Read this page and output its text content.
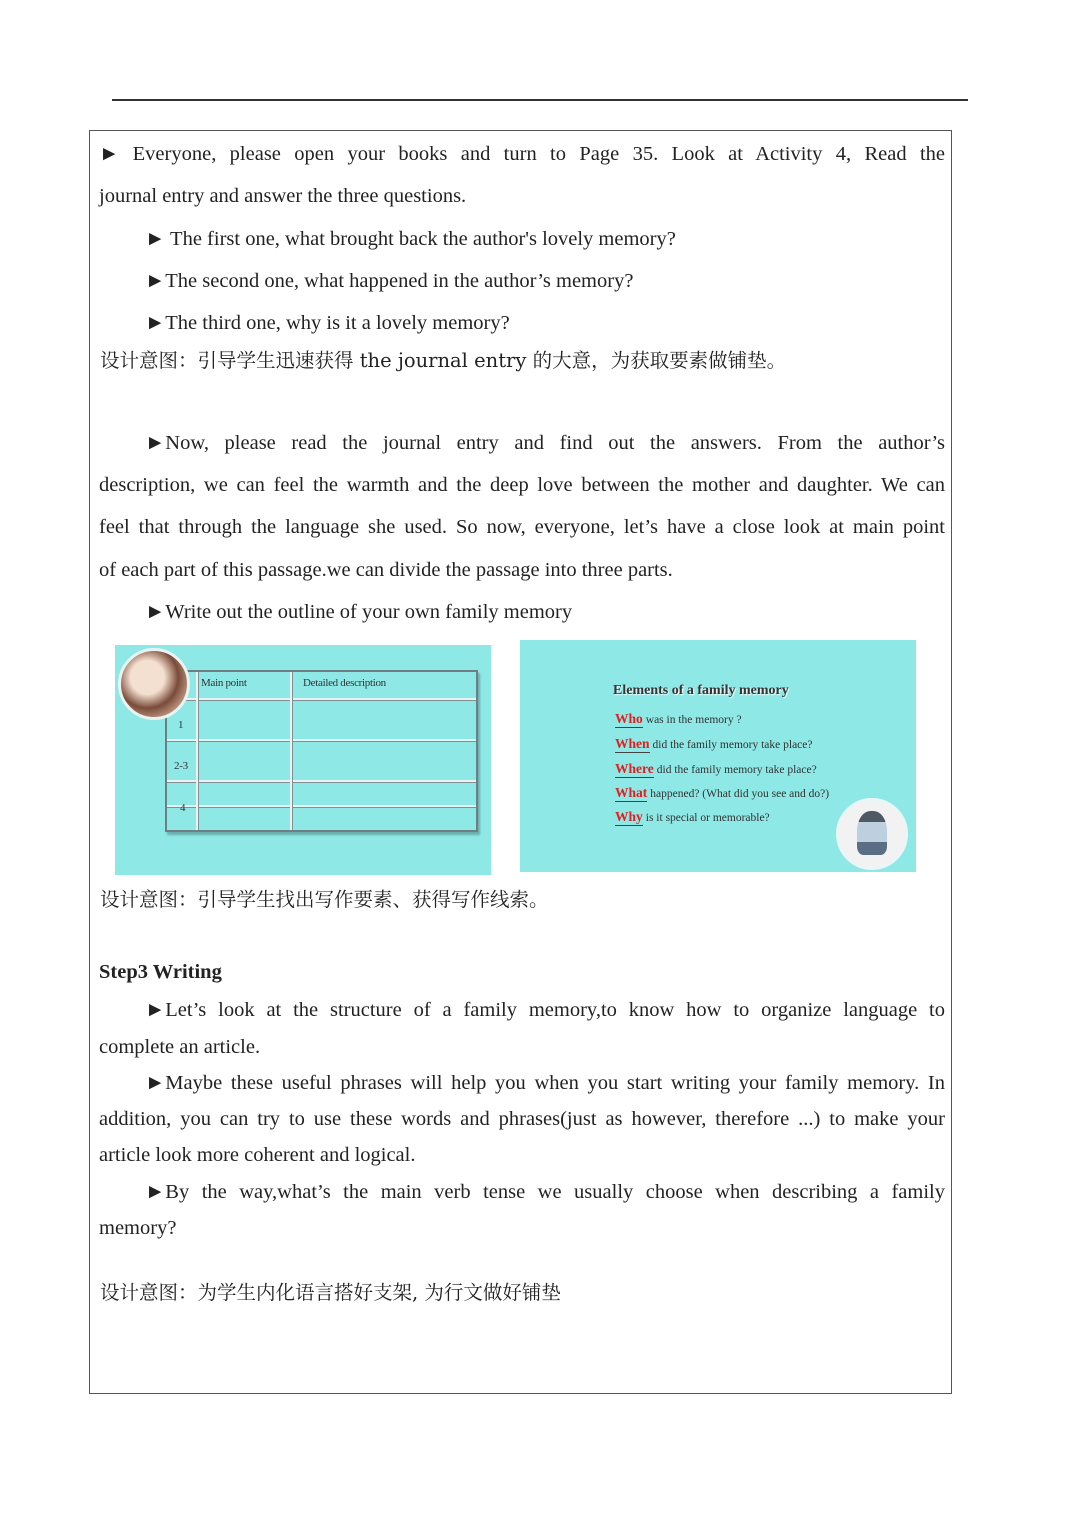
► Everyone, please open your books and turn to Page 35. Look at Activity 4, Read the
journal entry and answer the three questions.
► The first one, what brought back the author's lovely memory?
►The second one, what happened in the author’s memory?
►The third one, why is it a lovely memory?
设计意图：引导学生迅速获得 the journal entry 的大意，为获取要素做铺垫。
►Now, please read the journal entry and find out the answers. From the author’s
description, we can feel the warmth and the deep love between the mother and daughter. We can
feel that through the language she used. So now, everyone, let’s have a close look at main point
of each part of this passage.we can divide the passage into three parts.
►Write out the outline of your own family memory
Main point	Detailed description
1
2-3
4
Elements of a family memory
Who was in the memory ?
When did the family memory take place?
Where did the family memory take place?
What happened? (What did you see and do?)
Why is it special or memorable?
设计意图：引导学生找出写作要素、获得写作线索。
Step3 Writing
►Let’s look at the structure of a family memory,to know how to organize language to
complete an article.
►Maybe these useful phrases will help you when you start writing your family memory. In
addition, you can try to use these words and phrases(just as however, therefore ...) to make your
article look more coherent and logical.
►By the way,what’s the main verb tense we usually choose when describing a family
memory?
设计意图：为学生内化语言搭好支架, 为行文做好铺垫
